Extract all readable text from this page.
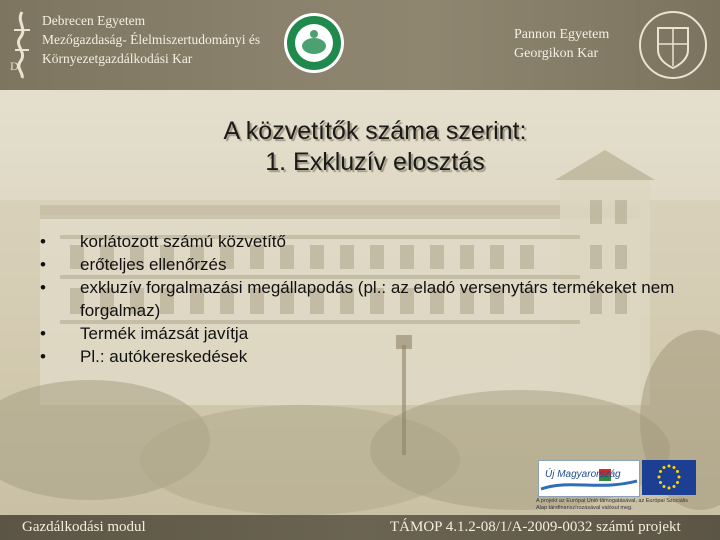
D
Debrecen Egyetem
Mezőgazdaság- Élelmiszertudományi és
Környezetgazdálkodási Kar
Pannon Egyetem
Georgikon Kar
A közvetítők száma szerint:
1. Exkluzív elosztás
• korlátozott számú közvetítő
• erőteljes ellenőrzés
• exkluzív forgalmazási megállapodás (pl.: az eladó versenytárs termékeket nem forgalmaz)
• Termék imázsát javítja
• Pl.: autókereskedések
Új Magyarország
A projekt az Európai Unió támogatásával, az Európai Szociális Alap társfinanszírozásával valósul meg.
Gazdálkodási modul	TÁMOP 4.1.2-08/1/A-2009-0032 számú projekt
